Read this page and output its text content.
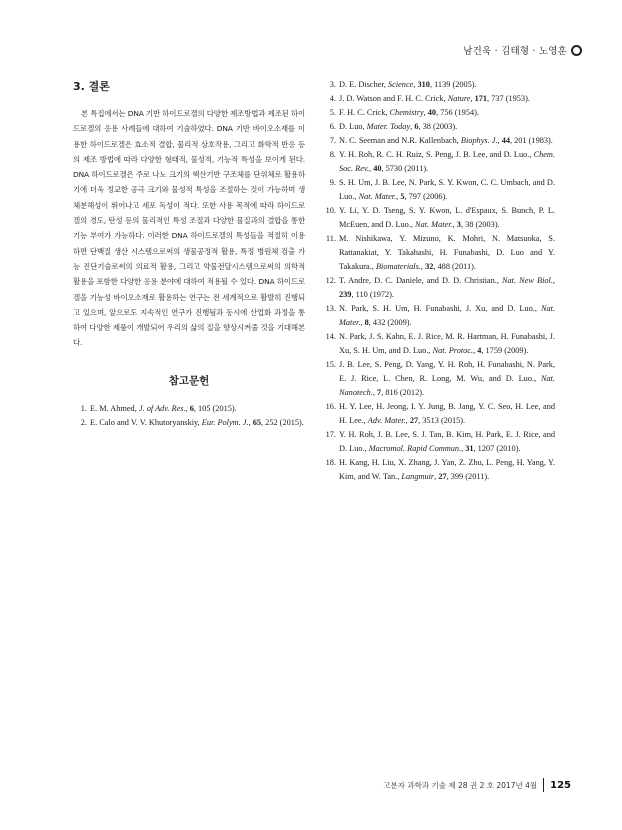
남건욱 · 김태형 · 노영훈
3. 결론

본 특집에서는 DNA 기반 하이드로겔의 다양한 제조방법과 제조된 하이드로겔의 응용 사례들에 대하여 기술하였다. DNA 기반 바이오소재를 이용한 하이드로겔은 효소적 결합, 물리적 상호작용, 그리고 화학적 반응 등의 제조 방법에 따라 다양한 형태적, 물성적, 기능적 특성을 보이게 된다. DNA 하이드로겔은 주로 나노 크기의 핵산기반 구조체를 단위체로 활용하기에 더욱 정교한 공극 크기와 물성적 특성을 조절하는 것이 가능하며 생체분해성이 뛰어나고 세포 독성이 적다. 또한 사용 목적에 따라 하이드로겔의 경도, 탄성 등의 물리적인 특성 조절과 다양한 물질과의 결합을 통한 기능 부여가 가능하다. 이러한 DNA 하이드로겔의 특성들을 적절히 이용하면 단백질 생산 시스템으로써의 생물공정적 활용, 특정 병원체 검출 가능 진단기술로써의 의료적 활용, 그리고 약물전달시스템으로써의 의학적 활용을 포함한 다양한 응용 분야에 대하여 적용될 수 있다. DNA 하이드로겔을 기능성 바이오소재로 활용하는 연구는 전 세계적으로 활발히 진행되고 있으며, 앞으로도 지속적인 연구가 진행됨과 동시에 산업화 과정을 통하여 다양한 제품이 개발되어 우리의 삶의 질을 향상시켜줄 것을 기대해본다.

참고문헌
1. E. M. Ahmed, J. of Adv. Res., 6, 105 (2015).
2. E. Calo and V. V. Khutoryanskiy, Eur. Polym. J., 65, 252 (2015).
3. D. E. Discher, Science, 310, 1139 (2005).
4. J. D. Watson and F. H. C. Crick, Nature, 171, 737 (1953).
5. F. H. C. Crick, Chemistry, 40, 756 (1954).
6. D. Luo, Mater. Today, 6, 38 (2003).
7. N. C. Seeman and N.R. Kallenbach, Biophys. J., 44, 201 (1983).
8. Y. H. Roh, R. C. H. Ruiz, S. Peng, J. B. Lee, and D. Luo., Chem. Soc. Rev., 40, 5730 (2011).
9. S. H. Um, J. B. Lee, N. Park, S. Y. Kwon, C. C. Umbach, and D. Luo., Nat. Mater., 5, 797 (2006).
10. Y. Li, Y. D. Tseng, S. Y. Kwon, L. d'Espaux, S. Bunch, P. L. McEuen, and D. Luo., Nat. Mater., 3, 38 (2003).
11. M. Nishikawa, Y. Mizuno, K. Mohri, N. Matsuoka, S. Rattanakiat, Y. Takahashi, H. Funabashi, D. Luo and Y. Takakura., Biomaterials., 32, 488 (2011).
12. T. Andre, D. C. Daniele, and D. D. Christian., Nat. New Biol., 239, 110 (1972).
13. N. Park, S. H. Um, H. Funabashi, J. Xu, and D. Luo., Nat. Mater., 8, 432 (2009).
14. N. Park, J. S. Kahn, E. J. Rice, M. R. Hartman, H. Funabashi, J. Xu, S. H. Um, and D. Luo., Nat. Protoc., 4, 1759 (2009).
15. J. B. Lee, S. Peng, D. Yang, Y. H. Roh, H. Funabashi, N. Park, E. J. Rice, L. Chen, R. Long, M. Wu, and D. Luo., Nat. Nanotech., 7, 816 (2012).
16. H. Y. Lee, H. Jeong, I. Y. Jung, B. Jang, Y. C. Seo, H. Lee, and H. Lee., Adv. Mater., 27, 3513 (2015).
17. Y. H. Roh, J. B. Lee, S. J. Tan, B. Kim, H. Park, E. J. Rice, and D. Luo., Macromol. Rapid Commun., 31, 1207 (2010).
18. H. Kang, H. Liu, X. Zhang, J. Yan, Z. Zhu, L. Peng, H. Yang, Y. Kim, and W. Tan., Langmuir, 27, 399 (2011).
고분자 과학과 기술 제 28 권 2 호 2017년 4월 125
